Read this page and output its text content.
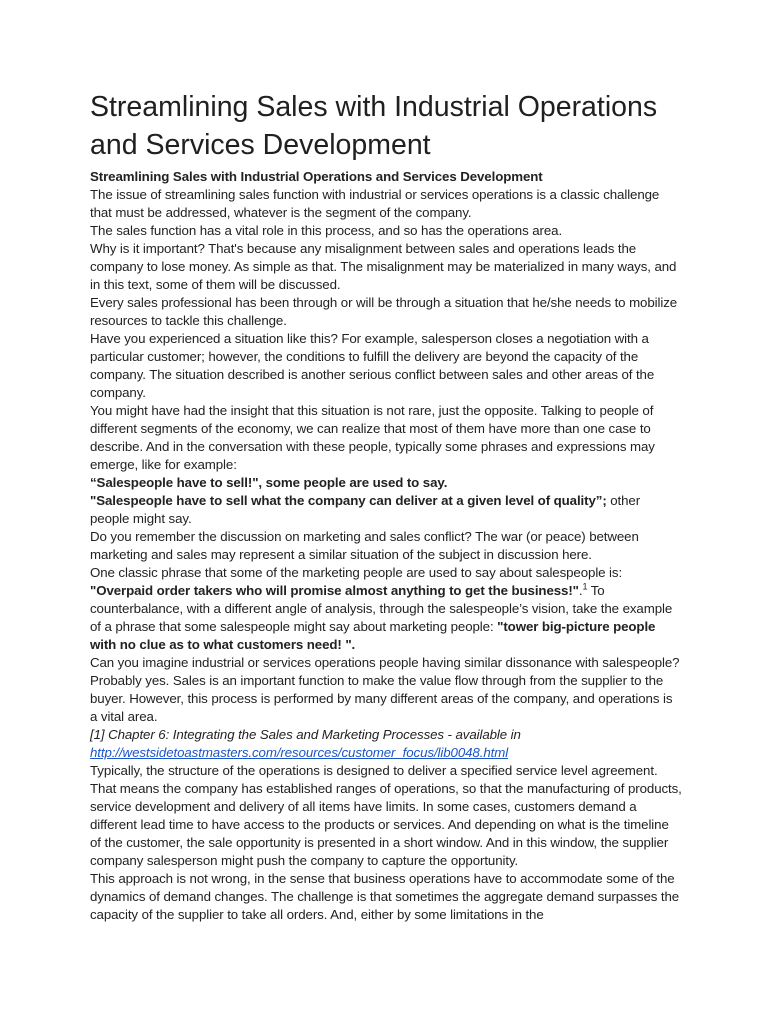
Streamlining Sales with Industrial Operations and Services Development

Streamlining Sales with Industrial Operations and Services Development

The issue of streamlining sales function with industrial or services operations is a classic challenge that must be addressed, whatever is the segment of the company.

The sales function has a vital role in this process, and so has the operations area.

Why is it important? That's because any misalignment between sales and operations leads the company to lose money. As simple as that. The misalignment may be materialized in many ways, and in this text, some of them will be discussed.

Every sales professional has been through or will be through a situation that he/she needs to mobilize resources to tackle this challenge.

Have you experienced a situation like this? For example, salesperson closes a negotiation with a particular customer; however, the conditions to fulfill the delivery are beyond the capacity of the company. The situation described is another serious conflict between sales and other areas of the company.

You might have had the insight that this situation is not rare, just the opposite. Talking to people of different segments of the economy, we can realize that most of them have more than one case to describe. And in the conversation with these people, typically some phrases and expressions may emerge, like for example:

“Salespeople have to sell!", some people are used to say.

"Salespeople have to sell what the company can deliver at a given level of quality”; other people might say.

Do you remember the discussion on marketing and sales conflict? The war (or peace) between marketing and sales may represent a similar situation of the subject in discussion here.

One classic phrase that some of the marketing people are used to say about salespeople is: "Overpaid order takers who will promise almost anything to get the business!".$^1$ To counterbalance, with a different angle of analysis, through the salespeople’s vision, take the example of a phrase that some salespeople might say about marketing people: "tower big-picture people with no clue as to what customers need! ".

Can you imagine industrial or services operations people having similar dissonance with salespeople? Probably yes. Sales is an important function to make the value flow through from the supplier to the buyer. However, this process is performed by many different areas of the company, and operations is a vital area.

[1] Chapter 6: Integrating the Sales and Marketing Processes - available in http://westsidetoastmasters.com/resources/customer_focus/lib0048.html

Typically, the structure of the operations is designed to deliver a specified service level agreement. That means the company has established ranges of operations, so that the manufacturing of products, service development and delivery of all items have limits. In some cases, customers demand a different lead time to have access to the products or services. And depending on what is the timeline of the customer, the sale opportunity is presented in a short window. And in this window, the supplier company salesperson might push the company to capture the opportunity.

This approach is not wrong, in the sense that business operations have to accommodate some of the dynamics of demand changes. The challenge is that sometimes the aggregate demand surpasses the capacity of the supplier to take all orders. And, either by some limitations in the
